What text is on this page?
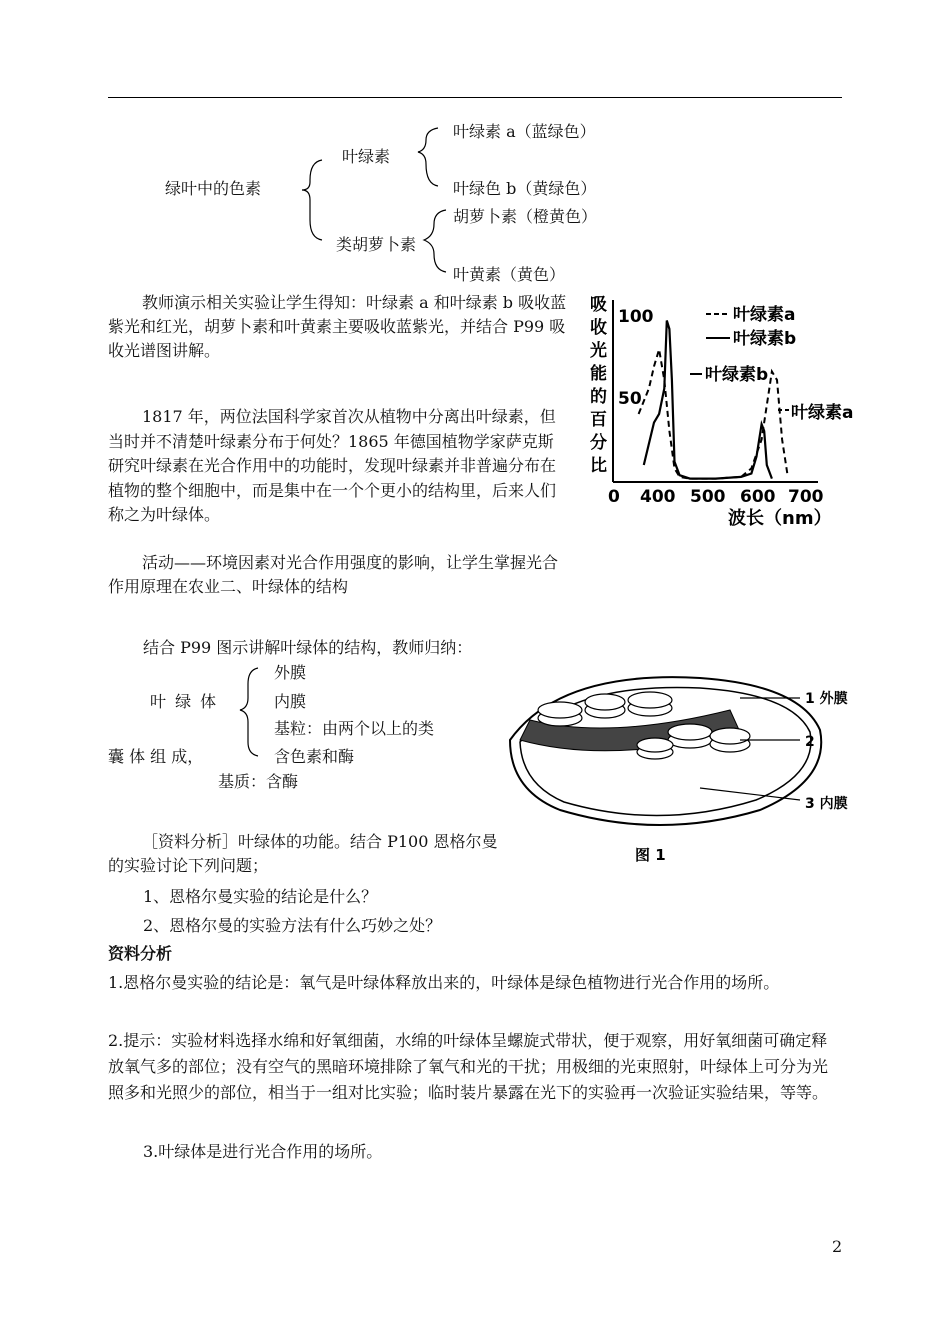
绿叶中的色素
叶绿素
叶绿素 a（蓝绿色）
叶绿色 b（黄绿色）
类胡萝卜素
胡萝卜素（橙黄色）
叶黄素（黄色）
教师演示相关实验让学生得知：叶绿素 a 和叶绿素 b 吸收蓝紫光和红光，胡萝卜素和叶黄素主要吸收蓝紫光，并结合 P99 吸收光谱图讲解。
1817 年，两位法国科学家首次从植物中分离出叶绿素，但当时并不清楚叶绿素分布于何处？1865 年德国植物学家萨克斯研究叶绿素在光合作用中的功能时，发现叶绿素并非普遍分布在植物的整个细胞中，而是集中在一个个更小的结构里，后来人们称之为叶绿体。
活动——环境因素对光合作用强度的影响，让学生掌握光合作用原理在农业二、叶绿体的结构
吸
收
光
能
的
百
分
比
100
50
0 400 500 600 700
波长（nm）
叶绿素a
叶绿素b
叶绿素b
叶绿素a
结合 P99 图示讲解叶绿体的结构，教师归纳：
外膜
叶 绿 体	内膜
基粒：由两个以上的类
囊 体 组 成，	含色素和酶
基质：含酶
1 外膜
2
3 内膜
图 1
［资料分析］叶绿体的功能。结合 P100 恩格尔曼的实验讨论下列问题；
1、恩格尔曼实验的结论是什么？
2、恩格尔曼的实验方法有什么巧妙之处？
资料分析
1.恩格尔曼实验的结论是：氧气是叶绿体释放出来的，叶绿体是绿色植物进行光合作用的场所。
2.提示：实验材料选择水绵和好氧细菌，水绵的叶绿体呈螺旋式带状，便于观察，用好氧细菌可确定释放氧气多的部位；没有空气的黑暗环境排除了氧气和光的干扰；用极细的光束照射，叶绿体上可分为光照多和光照少的部位，相当于一组对比实验；临时装片暴露在光下的实验再一次验证实验结果，等等。
3.叶绿体是进行光合作用的场所。
2
